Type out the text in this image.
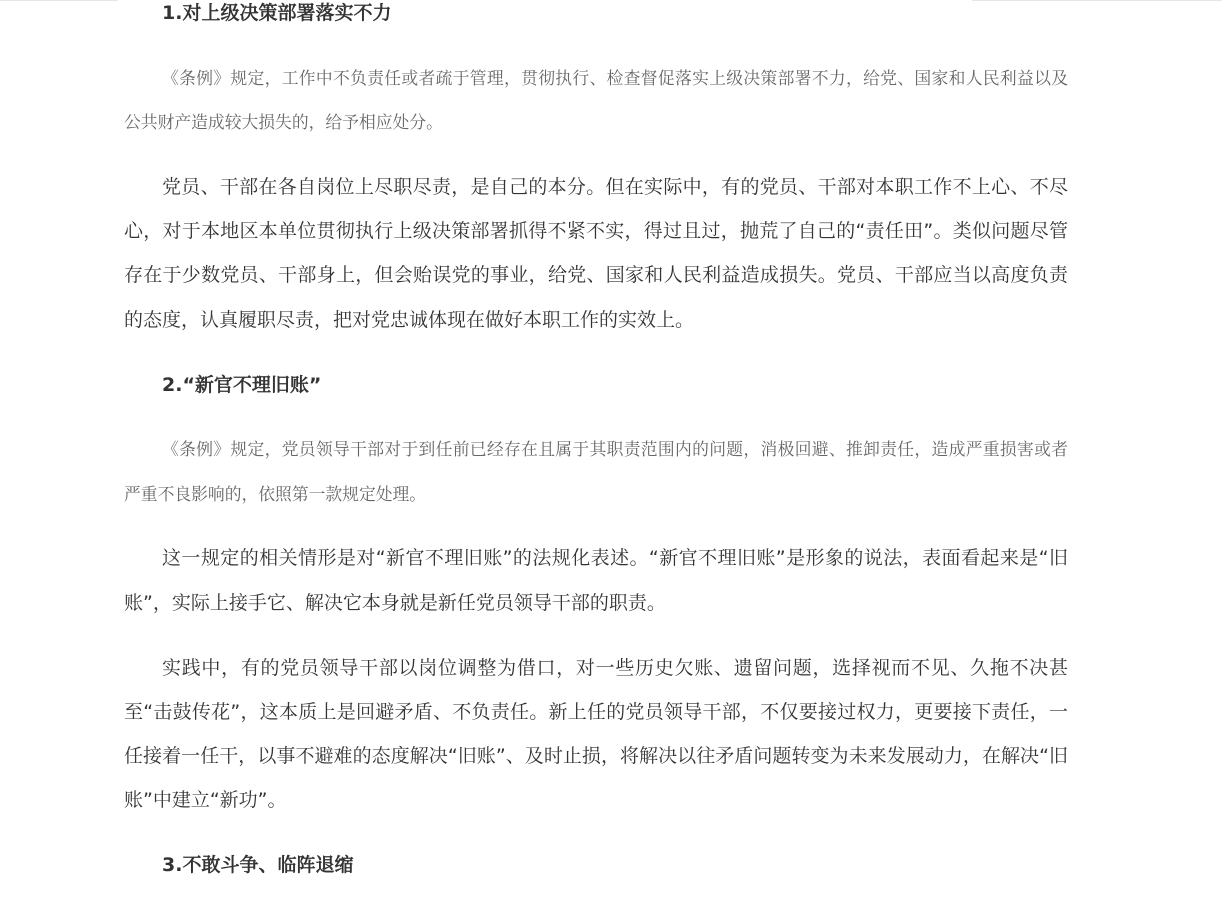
1.对上级决策部署落实不力

《条例》规定，工作中不负责任或者疏于管理，贯彻执行、检查督促落实上级决策部署不力，给党、国家和人民利益以及公共财产造成较大损失的，给予相应处分。

党员、干部在各自岗位上尽职尽责，是自己的本分。但在实际中，有的党员、干部对本职工作不上心、不尽心，对于本地区本单位贯彻执行上级决策部署抓得不紧不实，得过且过，抛荒了自己的“责任田”。类似问题尽管存在于少数党员、干部身上，但会贻误党的事业，给党、国家和人民利益造成损失。党员、干部应当以高度负责的态度，认真履职尽责，把对党忠诚体现在做好本职工作的实效上。

2.“新官不理旧账”

《条例》规定，党员领导干部对于到任前已经存在且属于其职责范围内的问题，消极回避、推卸责任，造成严重损害或者严重不良影响的，依照第一款规定处理。

这一规定的相关情形是对“新官不理旧账”的法规化表述。“新官不理旧账”是形象的说法，表面看起来是“旧账”，实际上接手它、解决它本身就是新任党员领导干部的职责。

实践中，有的党员领导干部以岗位调整为借口，对一些历史欠账、遗留问题，选择视而不见、久拖不决甚至“击鼓传花”，这本质上是回避矛盾、不负责任。新上任的党员领导干部，不仅要接过权力，更要接下责任，一任接着一任干，以事不避难的态度解决“旧账”、及时止损，将解决以往矛盾问题转变为未来发展动力，在解决“旧账”中建立“新功”。

3.不敢斗争、临阵退缩
